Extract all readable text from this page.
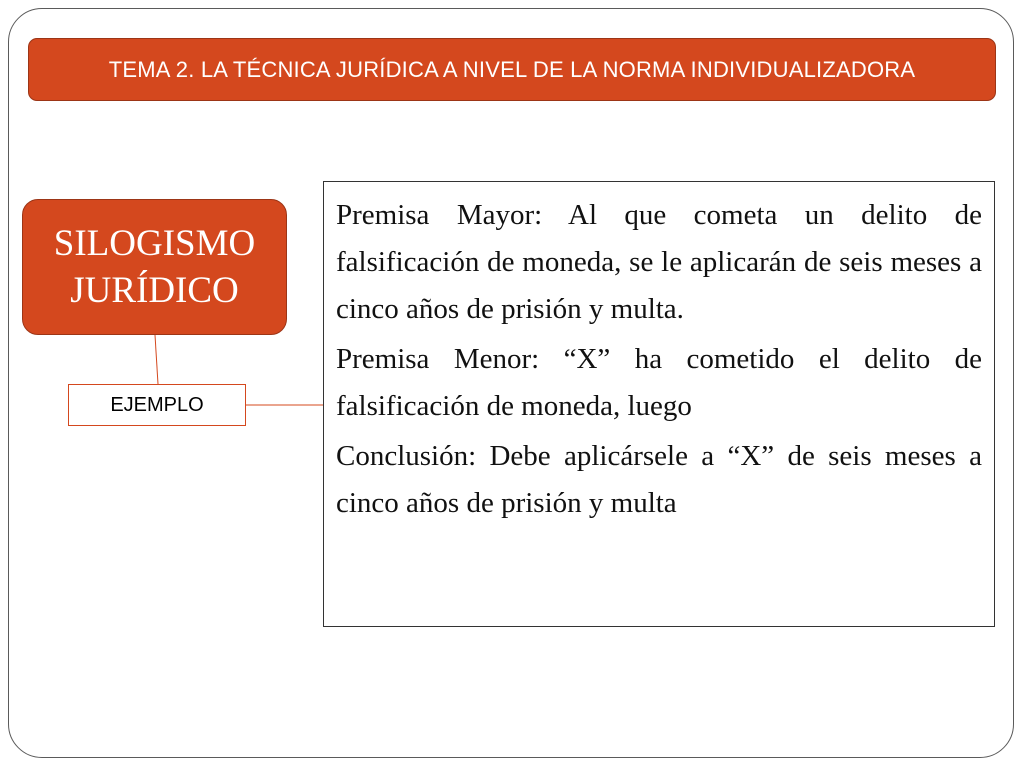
TEMA 2. LA TÉCNICA JURÍDICA A NIVEL DE LA NORMA INDIVIDUALIZADORA
SILOGISMO
JURÍDICO
EJEMPLO

Premisa Mayor: Al que cometa un delito de falsificación de moneda, se le aplicarán de seis meses a cinco años de prisión y multa.

Premisa Menor: “X” ha cometido el delito de falsificación de moneda, luego

Conclusión: Debe aplicársele a “X” de seis meses a cinco años de prisión y multa
